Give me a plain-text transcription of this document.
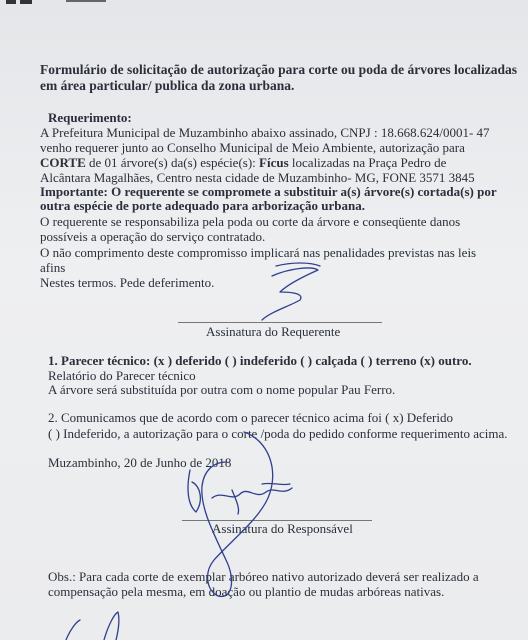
Formulário de solicitação de autorização para corte ou poda de árvores localizadas
em área particular/ publica da zona urbana.
Requerimento:
A Prefeitura Municipal de Muzambinho abaixo assinado, CNPJ : 18.668.624/0001- 47
venho requerer junto ao Conselho Municipal de Meio Ambiente, autorização para
CORTE de 01 árvore(s) da(s) espécie(s): Fícus localizadas na Praça Pedro de
Alcântara Magalhães, Centro nesta cidade de Muzambinho- MG, FONE 3571 3845
Importante: O requerente se compromete a substituir a(s) árvore(s) cortada(s) por
outra espécie de porte adequado para arborização urbana.
O requerente se responsabiliza pela poda ou corte da árvore e conseqüente danos
possíveis a operação do serviço contratado.
O não comprimento deste compromisso implicará nas penalidades previstas nas leis
afins
Nestes termos. Pede deferimento.
Assinatura do Requerente
1. Parecer técnico: (x ) deferido ( ) indeferido ( ) calçada ( ) terreno (x) outro.
Relatório do Parecer técnico
A árvore será substituída por outra com o nome popular Pau Ferro.
2. Comunicamos que de acordo com o parecer técnico acima foi ( x) Deferido
( ) Indeferido, a autorização para o corte /poda do pedido conforme requerimento acima.
Muzambinho, 20 de Junho de 2018
Assinatura do Responsável
Obs.: Para cada corte de exemplar arbóreo nativo autorizado deverá ser realizado a
compensação pela mesma, em doação ou plantio de mudas arbóreas nativas.
